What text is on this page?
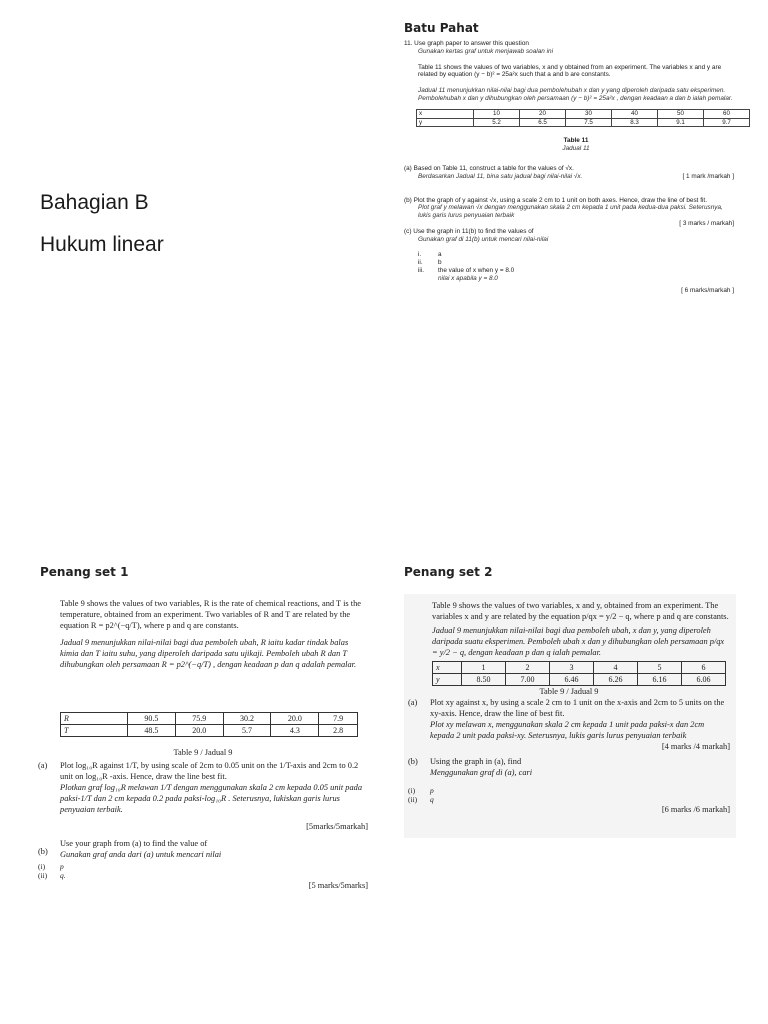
Bahagian B
Hukum linear
Batu Pahat

11. Use graph paper to answer this question

Gunakan kertas graf untuk menjawab soalan ini

Table 11 shows the values of two variables, x and y obtained from an experiment. The variables x and y are related by equation (y − b)² = 25a²x such that a and b are constants.

Jadual 11 menunjukkan nilai-nilai bagi dua pembolehubah x dan y yang diperoleh daripada satu eksperimen. Pembolehubah x dan y dihubungkan oleh persamaan (y − b)² = 25a²x , dengan keadaan a dan b ialah pemalar.

x	10	20	30	40	50	60
y	5.2	6.5	7.5	8.3	9.1	9.7

Table 11

Jadual 11

(a) Based on Table 11, construct a table for the values of √x.

Berdasarkan Jadual 11, bina satu jadual bagi nilai-nilai √x.	[ 1 mark /markah ]

(b) Plot the graph of y against √x, using a scale 2 cm to 1 unit on both axes. Hence, draw the line of best fit.

Plot graf y melawan √x dengan menggunakan skala 2 cm kepada 1 unit pada kedua-dua paksi. Seterusnya, lukis garis lurus penyuaian terbaik

[ 3 marks / markah]

(c) Use the graph in 11(b) to find the values of

Gunakan graf di 11(b) untuk mencari nilai-nilai

i.	a
ii. b
iii. the value of x when y = 8.0
nilai x apabila y = 8.0

[ 6 marks/markah ]

Penang set 1

Table 9 shows the values of two variables, R is the rate of chemical reactions, and T is the temperature, obtained from an experiment. Two variables of R and T are related by the equation R = p2^(−q/T), where p and q are constants.

Jadual 9 menunjukkan nilai-nilai bagi dua pemboleh ubah, R iaitu kadar tindak balas kimia dan T iaitu suhu, yang diperoleh daripada satu ujikaji. Pemboleh ubah R dan T dihubungkan oleh persamaan R = p2^(−q/T) , dengan keadaan p dan q adalah pemalar.

R	90.5	75.9	30.2	20.0	7.9
T	48.5	20.0	5.7	4.3	2.8

Table 9 / Jadual 9

(a) Plot log₁₀R against 1/T, by using scale of 2cm to 0.05 unit on the 1/T-axis and 2cm to 0.2 unit on log₁₀R -axis. Hence, draw the line best fit.

Plotkan graf log₁₀R melawan 1/T dengan menggunakan skala 2 cm kepada 0.05 unit pada paksi-1/T dan 2 cm kepada 0.2 pada paksi-log₁₀R . Seterusnya, lukiskan garis lurus penyuaian terbaik.

[5marks/5markah]

(b)
Use your graph from (a) to find the value of
Gunakan graf anda dari (a) untuk mencari nilai
(i) p
(ii) q.

[5 marks/5marks]

Penang set 2

Table 9 shows the values of two variables, x and y, obtained from an experiment. The variables x and y are related by the equation p/qx = y/2 − q, where p and q are constants.

Jadual 9 menunjukkan nilai-nilai bagi dua pemboleh ubah, x dan y, yang diperoleh daripada suatu eksperimen. Pemboleh ubah x dan y dihubungkan oleh persamaan p/qx = y/2 − q, dengan keadaan p dan q ialah pemalar.

x	1	2	3	4	5	6
y	8.50	7.00	6.46	6.26	6.16	6.06

Table 9 / Jadual 9

(a) Plot xy against x, by using a scale 2 cm to 1 unit on the x-axis and 2cm to 5 units on the xy-axis. Hence, draw the line of best fit.

Plot xy melawan x, menggunakan skala 2 cm kepada 1 unit pada paksi-x dan 2cm kepada 2 unit pada paksi-xy. Seterusnya, lukis garis lurus penyuaian terbaik

[4 marks /4 markah]

(b) Using the graph in (a), find
Menggunakan graf di (a), cari
(i) p
(ii) q

[6 marks /6 markah]
